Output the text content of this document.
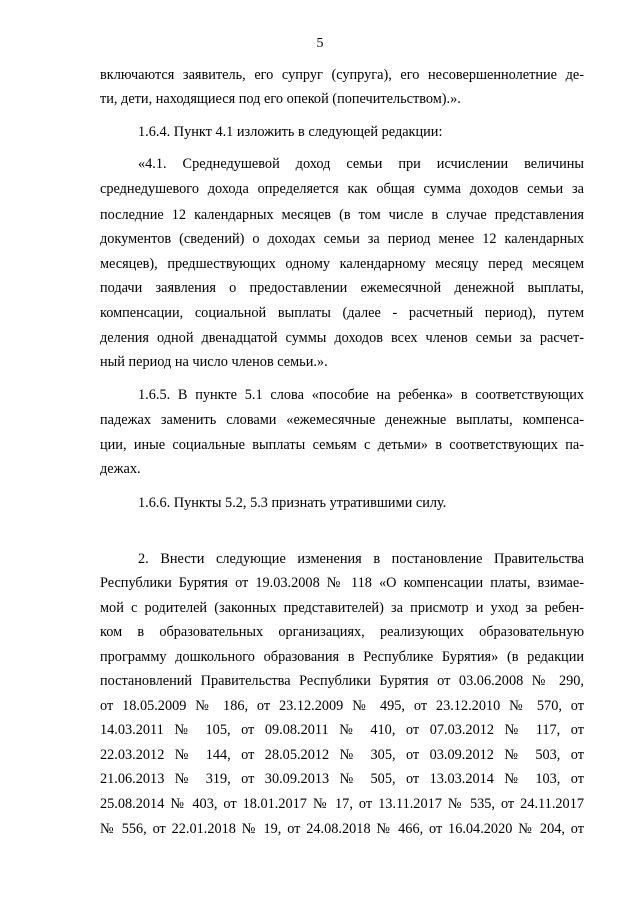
5
включаются заявитель, его супруг (супруга), его несовершеннолетние де-
ти, дети, находящиеся под его опекой (попечительством).».
1.6.4. Пункт 4.1 изложить в следующей редакции:
«4.1. Среднедушевой доход семьи при исчислении величины
среднедушевого дохода определяется как общая сумма доходов семьи за
последние 12 календарных месяцев (в том числе в случае представления
документов (сведений) о доходах семьи за период менее 12 календарных
месяцев), предшествующих одному календарному месяцу перед месяцем
подачи заявления о предоставлении ежемесячной денежной выплаты,
компенсации, социальной выплаты (далее - расчетный период), путем
деления одной двенадцатой суммы доходов всех членов семьи за расчет-
ный период на число членов семьи.».
1.6.5. В пункте 5.1 слова «пособие на ребенка» в соответствующих
падежах заменить словами «ежемесячные денежные выплаты, компенса-
ции, иные социальные выплаты семьям с детьми» в соответствующих па-
дежах.
1.6.6. Пункты 5.2, 5.3 признать утратившими силу.
2. Внести следующие изменения в постановление Правительства
Республики Бурятия от 19.03.2008 № 118 «О компенсации платы, взимае-
мой с родителей (законных представителей) за присмотр и уход за ребен-
ком в образовательных организациях, реализующих образовательную
программу дошкольного образования в Республике Бурятия» (в редакции
постановлений Правительства Республики Бурятия от 03.06.2008 № 290,
от 18.05.2009 № 186, от 23.12.2009 № 495, от 23.12.2010 № 570, от
14.03.2011 № 105, от 09.08.2011 № 410, от 07.03.2012 № 117, от
22.03.2012 № 144, от 28.05.2012 № 305, от 03.09.2012 № 503, от
21.06.2013 № 319, от 30.09.2013 № 505, от 13.03.2014 № 103, от
25.08.2014 № 403, от 18.01.2017 № 17, от 13.11.2017 № 535, от 24.11.2017
№ 556, от 22.01.2018 № 19, от 24.08.2018 № 466, от 16.04.2020 № 204, от
